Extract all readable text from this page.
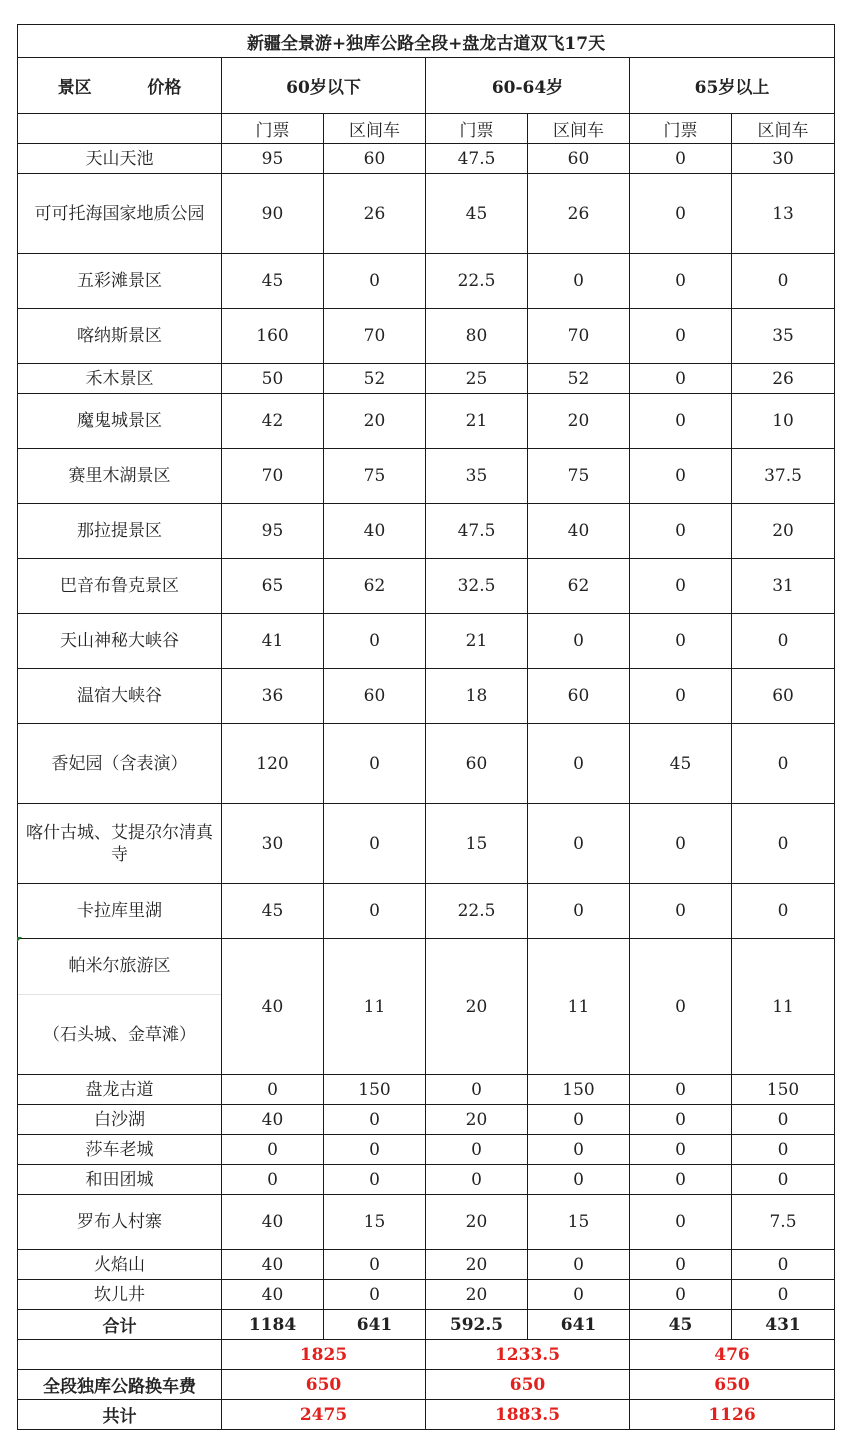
新疆全景游+独库公路全段+盘龙古道双飞17天						
景区 价格	60岁以下		60-64岁		65岁以上	
	门票	区间车	门票	区间车	门票	区间车
天山天池	95	60	47.5	60	0	30
可可托海国家地质公园	90	26	45	26	0	13
五彩滩景区	45	0	22.5	0	0	0
喀纳斯景区	160	70	80	70	0	35
禾木景区	50	52	25	52	0	26
魔鬼城景区	42	20	21	20	0	10
赛里木湖景区	70	75	35	75	0	37.5
那拉提景区	95	40	47.5	40	0	20
巴音布鲁克景区	65	62	32.5	62	0	31
天山神秘大峡谷	41	0	21	0	0	0
温宿大峡谷	36	60	18	60	0	60
香妃园（含表演）	120	0	60	0	45	0
喀什古城、艾提尕尔清真寺	30	0	15	0	0	0
卡拉库里湖	45	0	22.5	0	0	0

帕米尔旅游区
（石头城、金草滩）	40	11	20	11	0	11
盘龙古道	0	150	0	150	0	150
白沙湖	40	0	20	0	0	0
莎车老城	0	0	0	0	0	0
和田团城	0	0	0	0	0	0
罗布人村寨	40	15	20	15	0	7.5
火焰山	40	0	20	0	0	0
坎儿井	40	0	20	0	0	0
合计	1184	641	592.5	641	45	431
	1825		1233.5		476	
全段独库公路换车费	650		650		650	
共计	2475		1883.5		1126	
